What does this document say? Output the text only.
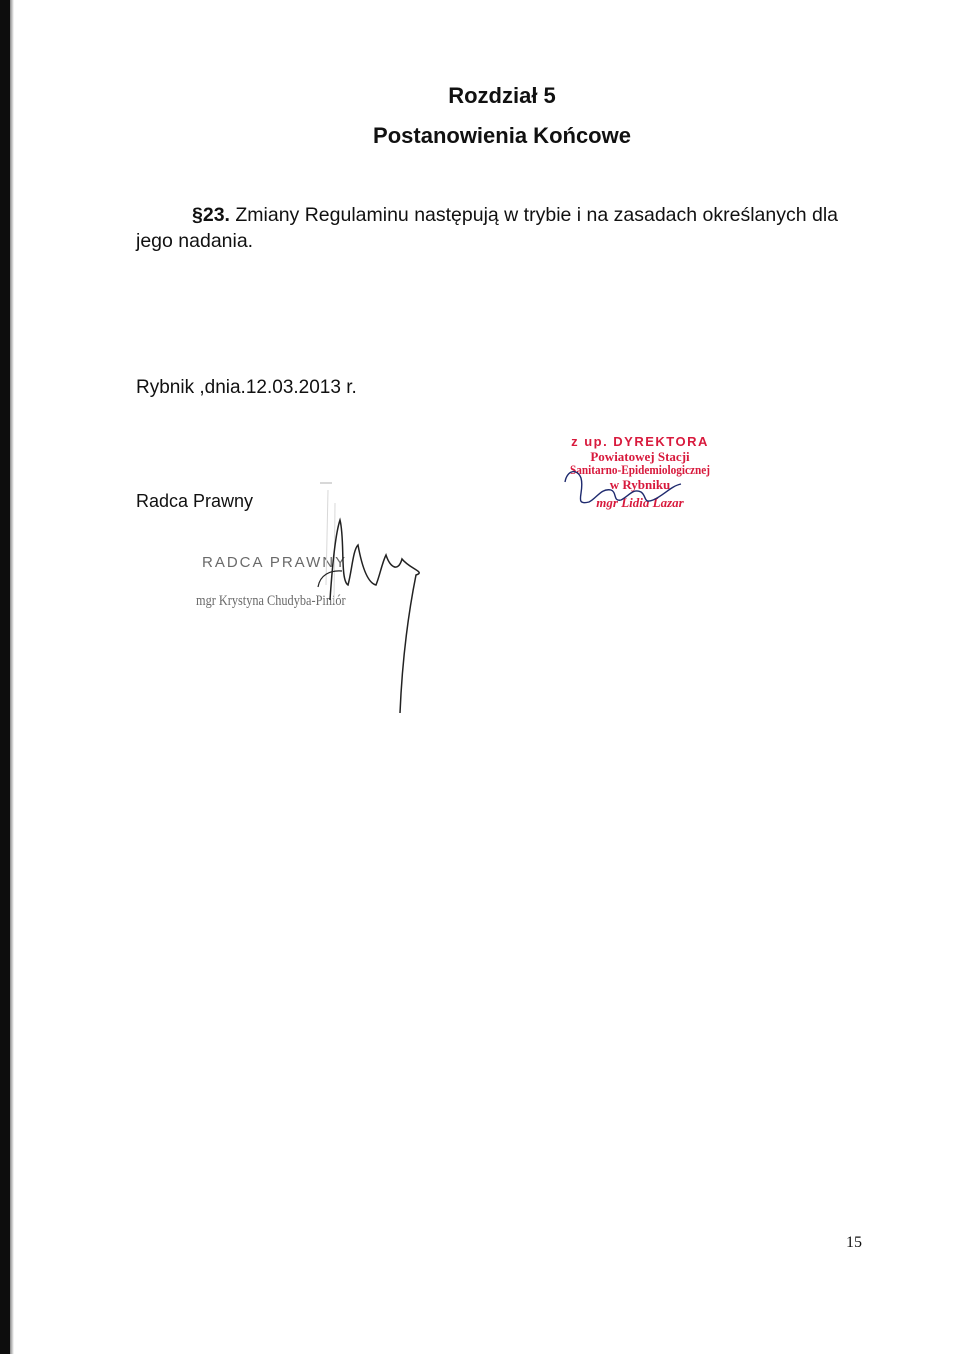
Rozdział 5
Postanowienia Końcowe

§23. Zmiany Regulaminu następują w trybie i na zasadach określanych dla jego nadania.

Rybnik ,dnia.12.03.2013 r.

Radca Prawny

RADCA PRAWNY
mgr Krystyna Chudyba-Piniór
z up. DYREKTORA
Powiatowej Stacji
Sanitarno-Epidemiologicznej
w Rybniku
mgr Lidia Lazar

15
